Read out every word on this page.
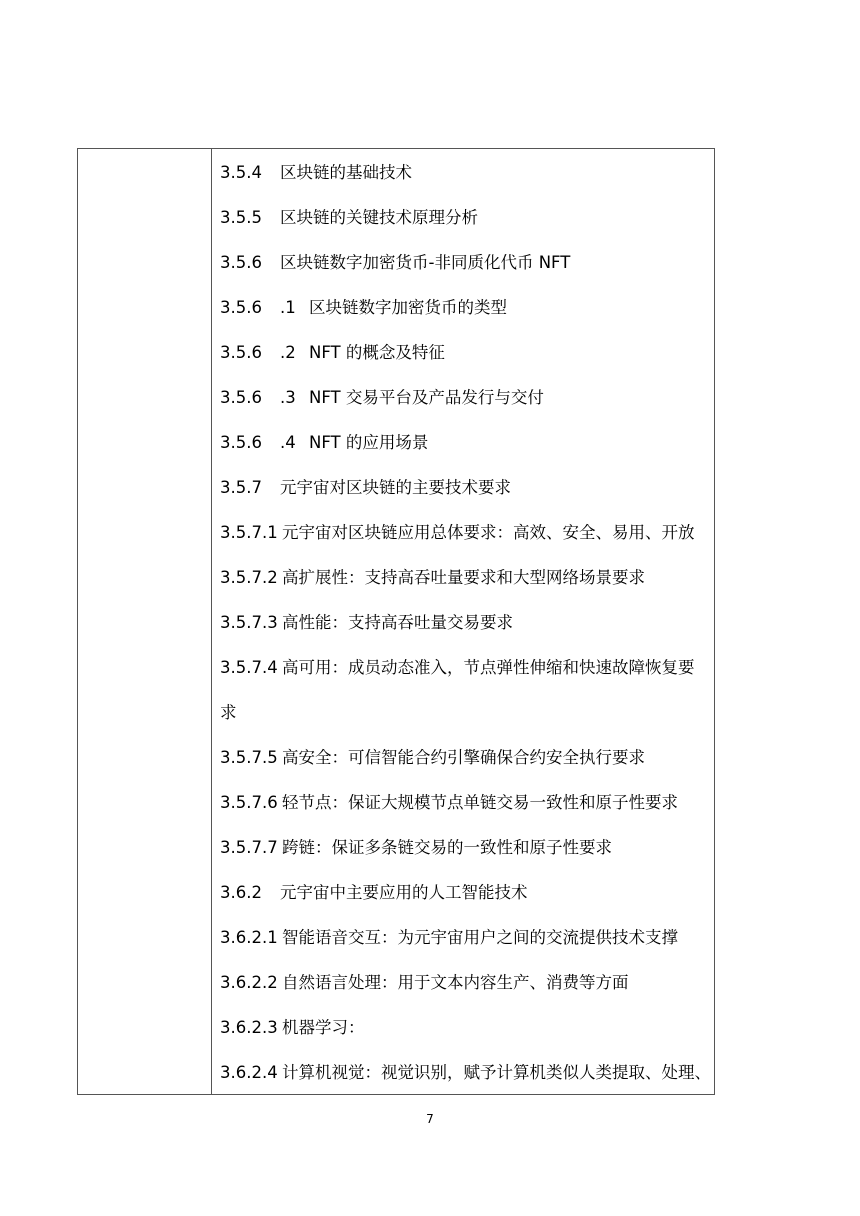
3.5.4 区块链的基础技术
3.5.5 区块链的关键技术原理分析
3.5.6 区块链数字加密货币-非同质化代币 NFT
3.5.6 .1 区块链数字加密货币的类型
3.5.6 .2 NFT 的概念及特征
3.5.6 .3 NFT 交易平台及产品发行与交付
3.5.6 .4 NFT 的应用场景
3.5.7 元宇宙对区块链的主要技术要求
3.5.7.1 元宇宙对区块链应用总体要求：高效、安全、易用、开放
3.5.7.2 高扩展性：支持高吞吐量要求和大型网络场景要求
3.5.7.3 高性能：支持高吞吐量交易要求
3.5.7.4 高可用：成员动态准入，节点弹性伸缩和快速故障恢复要
求
3.5.7.5 高安全：可信智能合约引擎确保合约安全执行要求
3.5.7.6 轻节点：保证大规模节点单链交易一致性和原子性要求
3.5.7.7 跨链：保证多条链交易的一致性和原子性要求
3.6.2 元宇宙中主要应用的人工智能技术
3.6.2.1 智能语音交互：为元宇宙用户之间的交流提供技术支撑
3.6.2.2 自然语言处理：用于文本内容生产、消费等方面
3.6.2.3 机器学习：
3.6.2.4 计算机视觉：视觉识别，赋予计算机类似人类提取、处理、
7
